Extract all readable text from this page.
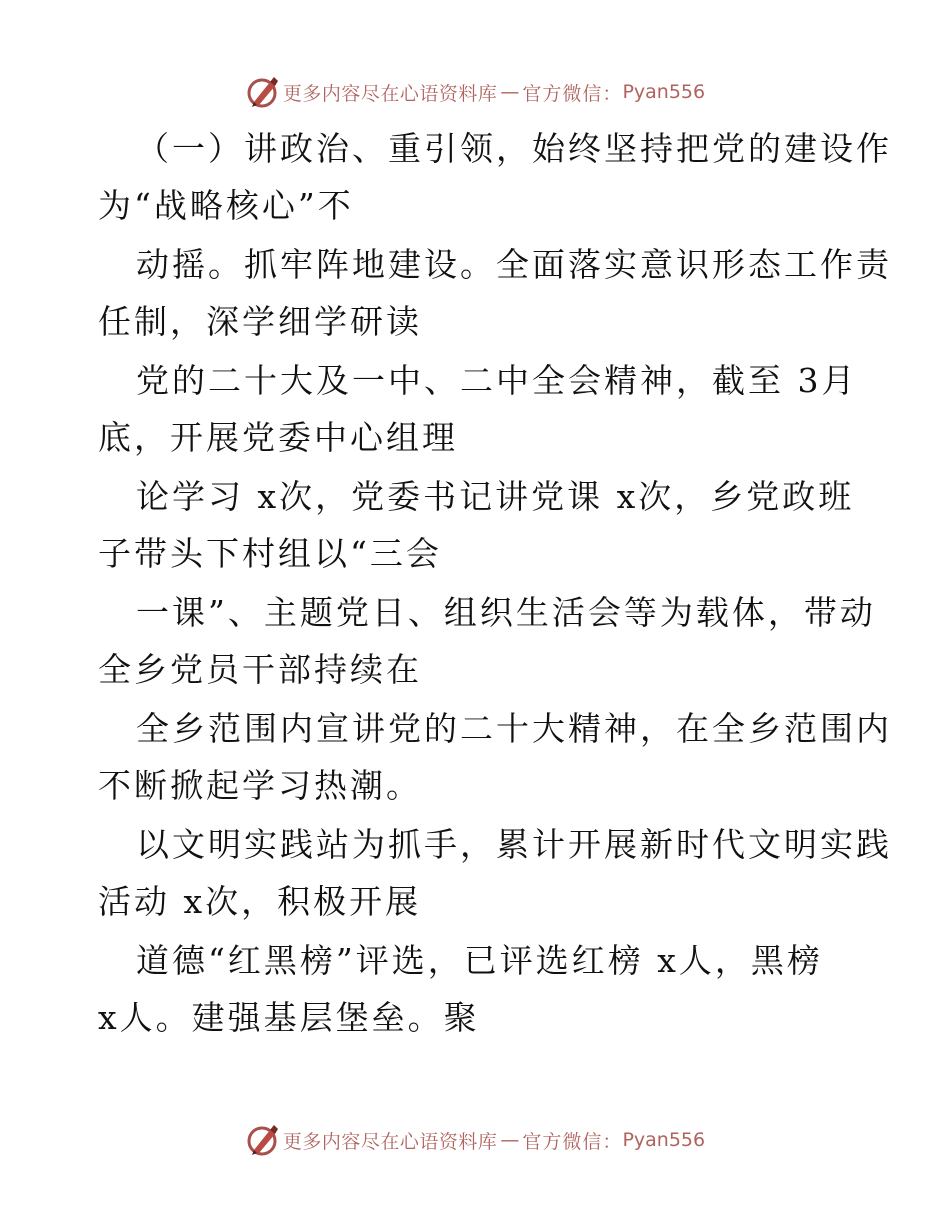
更多内容尽在心语资料库 — 官方微信： Pyan556
（一）讲政治、重引领，始终坚持把党的建设作
为“战略核心”不
动摇。抓牢阵地建设。全面落实意识形态工作责
任制，深学细学研读
党的二十大及一中、二中全会精神，截至 3月
底，开展党委中心组理
论学习 x次，党委书记讲党课 x次，乡党政班
子带头下村组以“三会
一课”、主题党日、组织生活会等为载体，带动
全乡党员干部持续在
全乡范围内宣讲党的二十大精神，在全乡范围内
不断掀起学习热潮。
以文明实践站为抓手，累计开展新时代文明实践
活动 x次，积极开展
道德“红黑榜”评选，已评选红榜 x人，黑榜
x人。建强基层堡垒。聚
更多内容尽在心语资料库 — 官方微信： Pyan556
